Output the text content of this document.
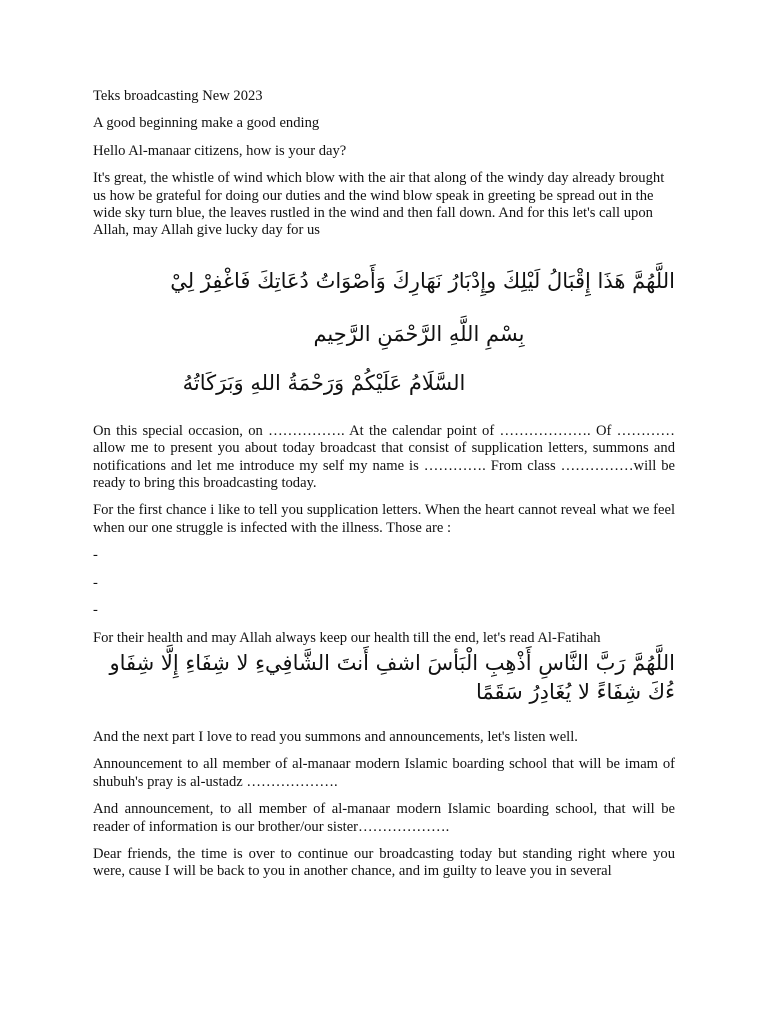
Teks broadcasting New 2023

A good beginning make a good ending

Hello Al-manaar citizens, how is your day?

It's great, the whistle of wind which blow with the air that along of the windy day already brought us how be grateful for doing our duties and the wind blow speak in greeting be spread out in the wide sky turn blue, the leaves rustled in the wind and then fall down. And for this let's call upon Allah, may Allah give lucky day for us

اللَّهُمَّ هَذَا إِقْبَالُ لَيْلِكَ وإِدْبَارُ نَهَارِكَ وَأَصْوَاتُ دُعَاتِكَ فَاغْفِرْ لِيْ

بِسْمِ اللَّهِ الرَّحْمَنِ الرَّحِيم

السَّلَامُ عَلَيْكُمْ وَرَحْمَةُ اللهِ وَبَرَكَاتُهُ

On this special occasion, on ……………. At the calendar point of ………………. Of ………… allow me to present you about today broadcast that consist of supplication letters, summons and notifications and let me introduce my self my name is …………. From class ……………will be ready to bring this broadcasting today.

For the first chance i like to tell you supplication letters. When the heart cannot reveal what we feel when our one struggle is infected with the illness. Those are :

-

-

-

For their health and may Allah always keep our health till the end, let's read Al-Fatihah

اللَّهُمَّ رَبَّ النَّاسِ أَذْهِبِ الْبَأسَ اشفِ أَنتَ الشَّافِيءِ لا شِفَاءِ إِلَّا شِفَاو ءُكَ شِفَاءً لا يُغَادِرُ سَقَمًا

And the next part I love to read you summons and announcements, let's listen well.

Announcement to all member of al-manaar modern Islamic boarding school that will be imam of shubuh's pray is al-ustadz ……………….

And announcement, to all member of al-manaar modern Islamic boarding school, that will be reader of information is our brother/our sister……………….

Dear friends, the time is over to continue our broadcasting today but standing right where you were, cause I will be back to you in another chance, and im guilty to leave you in several
